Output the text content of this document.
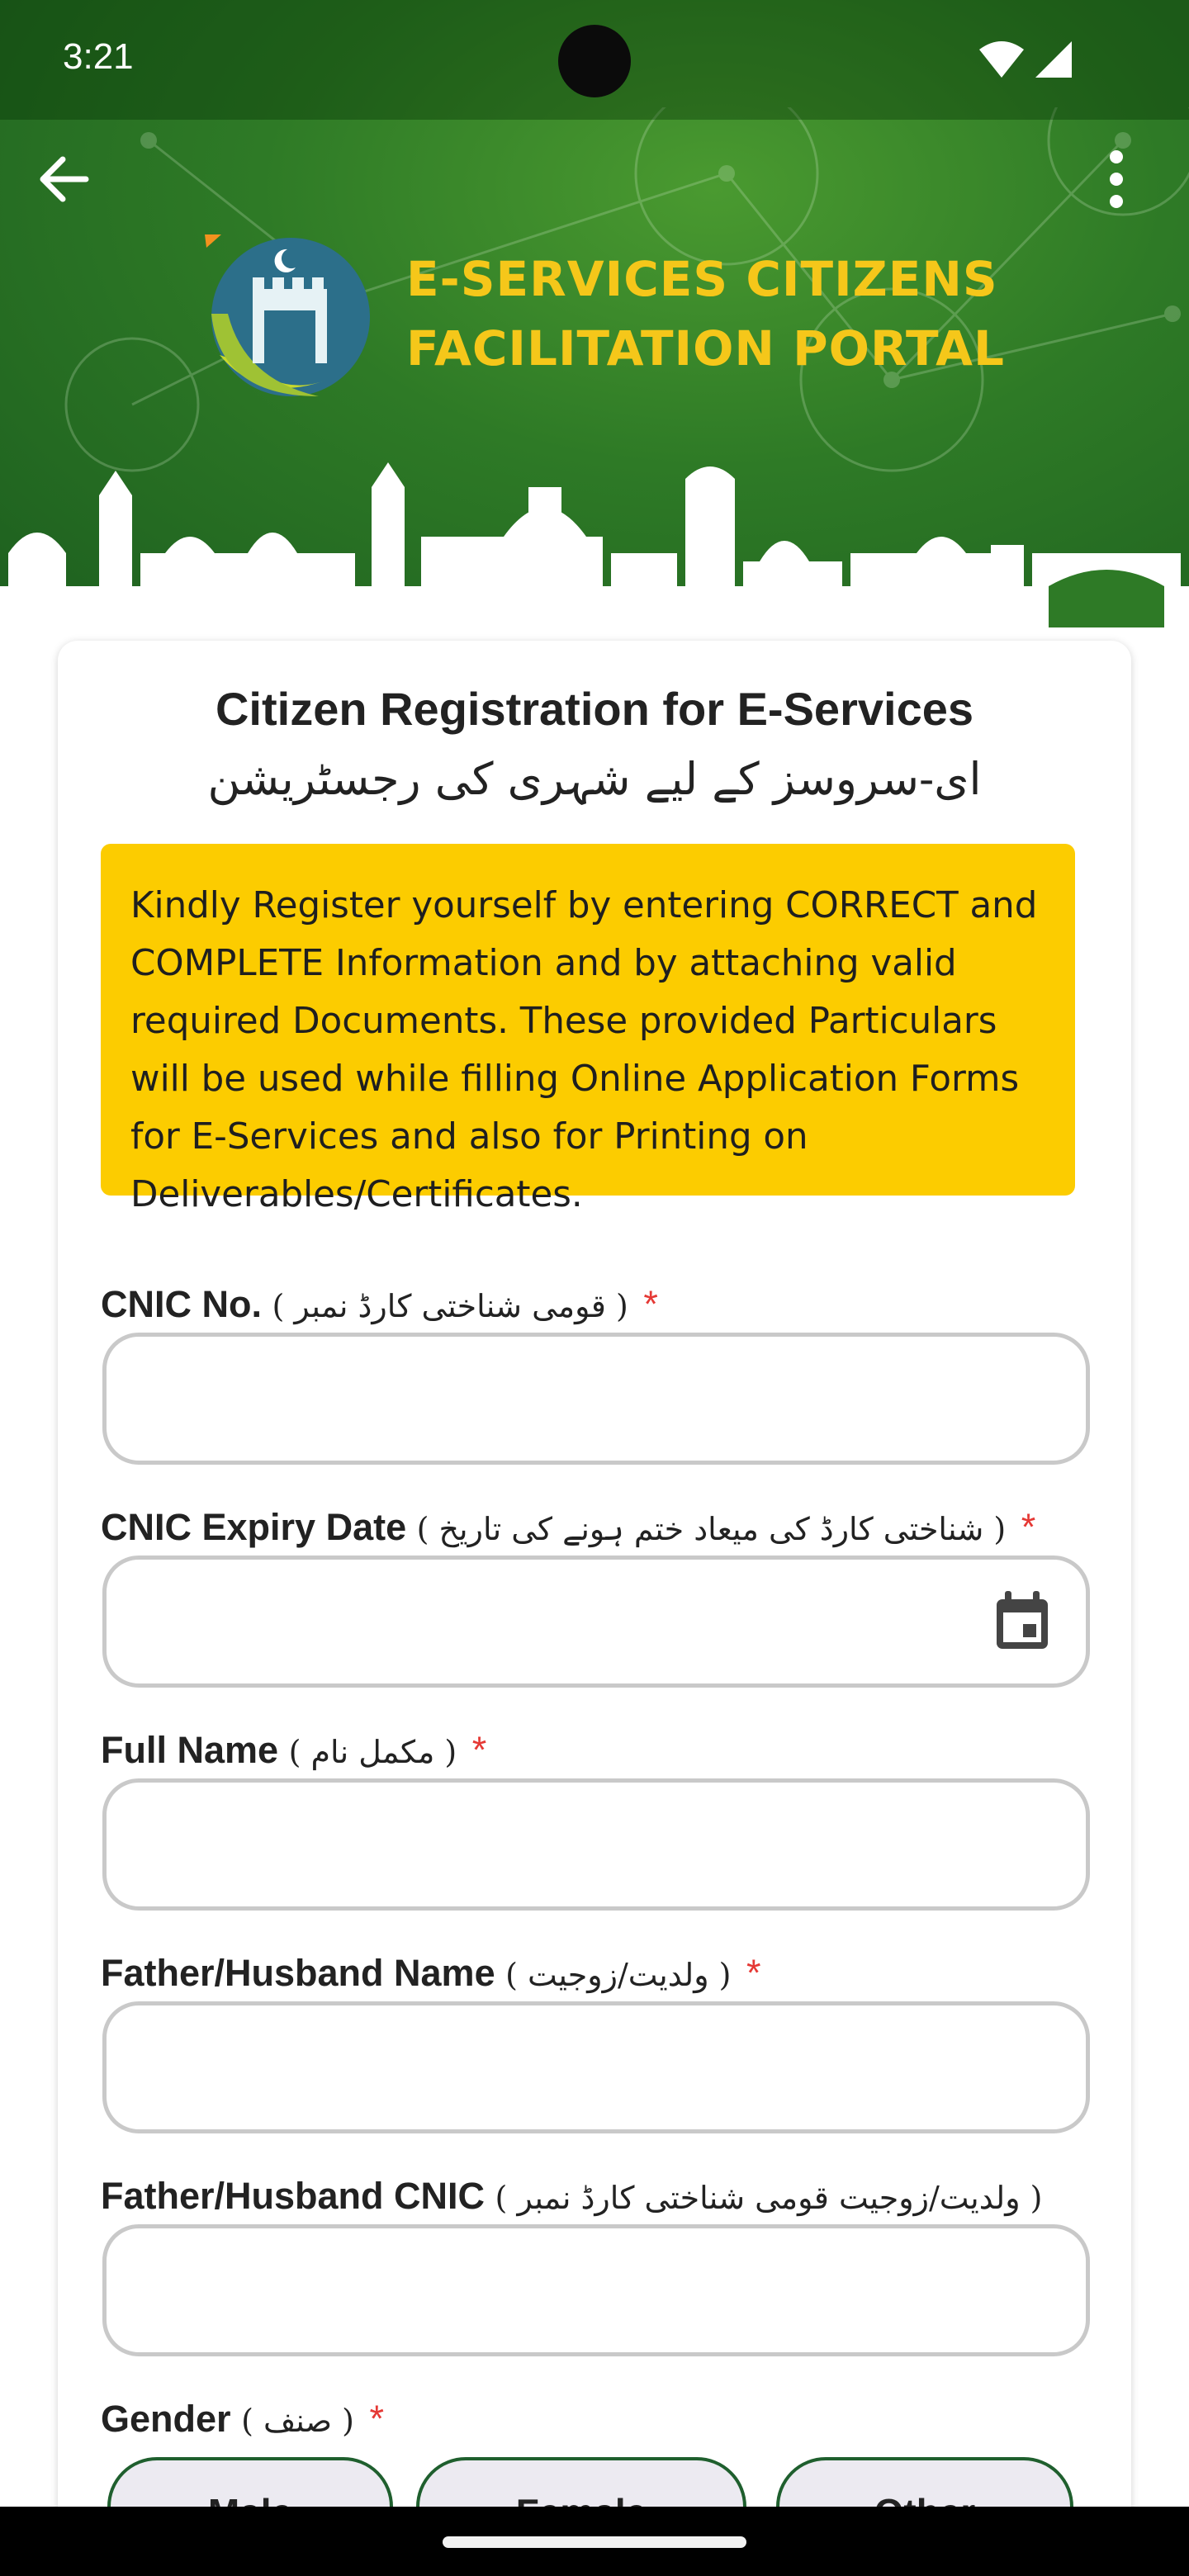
3:21
E-SERVICES CITIZENS
FACILITATION PORTAL
Citizen Registration for E-Services
ای-سروسز کے لیے شہری کی رجسٹریشن
Kindly Register yourself by entering CORRECT and COMPLETE Information and by attaching valid required Documents. These provided Particulars will be used while filling Online Application Forms for E-Services and also for Printing on Deliverables/Certificates.
CNIC No. ( قومی شناختی کارڈ نمبر ) *
CNIC Expiry Date ( شناختی کارڈ کی میعاد ختم ہونے کی تاریخ ) *
Full Name ( مکمل نام ) *
Father/Husband Name ( ولدیت/زوجیت ) *
Father/Husband CNIC ( ولدیت/زوجیت قومی شناختی کارڈ نمبر )
Gender ( صنف ) *
